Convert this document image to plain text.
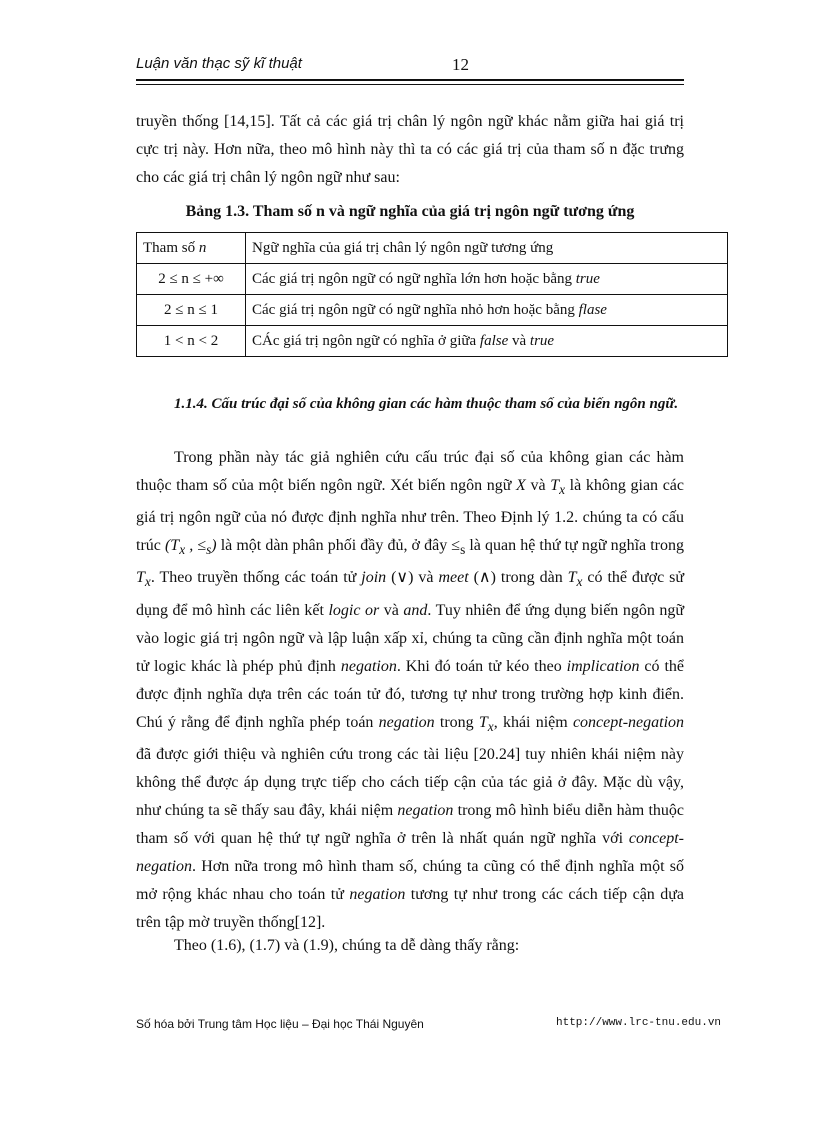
Luận văn thạc sỹ kĩ thuật	12
truyền thống [14,15]. Tất cả các giá trị chân lý ngôn ngữ khác nằm giữa hai giá trị cực trị này. Hơn nữa, theo mô hình này thì ta có các giá trị của tham số n đặc trưng cho các giá trị chân lý ngôn ngữ như sau:
Bảng 1.3. Tham số n và ngữ nghĩa của giá trị ngôn ngữ tương ứng
Tham số n	Ngữ nghĩa của giá trị chân lý ngôn ngữ tương ứng
2 ≤ n ≤ +∞	Các giá trị ngôn ngữ có ngữ nghĩa lớn hơn hoặc bằng true
2 ≤ n ≤ 1	Các giá trị ngôn ngữ có ngữ nghĩa nhỏ hơn hoặc bằng flase
1 < n < 2	CÁc giá trị ngôn ngữ có nghĩa ở giữa false và true
1.1.4. Cấu trúc đại số của không gian các hàm thuộc tham số của biến ngôn ngữ.
Trong phần này tác giả nghiên cứu cấu trúc đại số của không gian các hàm thuộc tham số của một biến ngôn ngữ. Xét biến ngôn ngữ X và $T_x$ là không gian các giá trị ngôn ngữ của nó được định nghĩa như trên. Theo Định lý 1.2. chúng ta có cấu trúc ($T_x$ , $\le_s$) là một dàn phân phối đầy đủ, ở đây $\le_s$ là quan hệ thứ tự ngữ nghĩa trong $T_x$. Theo truyền thống các toán tử join (∨) và meet (∧) trong dàn $T_x$ có thể được sử dụng để mô hình các liên kết logic or và and. Tuy nhiên để ứng dụng biến ngôn ngữ vào logic giá trị ngôn ngữ và lập luận xấp xỉ, chúng ta cũng cần định nghĩa một toán tử logic khác là phép phủ định negation. Khi đó toán tử kéo theo implication có thể được định nghĩa dựa trên các toán tử đó, tương tự như trong trường hợp kinh điển. Chú ý rằng để định nghĩa phép toán negation trong $T_x$, khái niệm concept-negation đã được giới thiệu và nghiên cứu trong các tài liệu [20.24] tuy nhiên khái niệm này không thể được áp dụng trực tiếp cho cách tiếp cận của tác giả ở đây. Mặc dù vậy, như chúng ta sẽ thấy sau đây, khái niệm negation trong mô hình biểu diễn hàm thuộc tham số với quan hệ thứ tự ngữ nghĩa ở trên là nhất quán ngữ nghĩa với concept-negation. Hơn nữa trong mô hình tham số, chúng ta cũng có thể định nghĩa một số mở rộng khác nhau cho toán tử negation tương tự như trong các cách tiếp cận dựa trên tập mờ truyền thống[12].
Theo (1.6), (1.7) và (1.9), chúng ta dễ dàng thấy rằng:
Số hóa bởi Trung tâm Học liệu – Đại học Thái Nguyên	http://www.lrc-tnu.edu.vn
